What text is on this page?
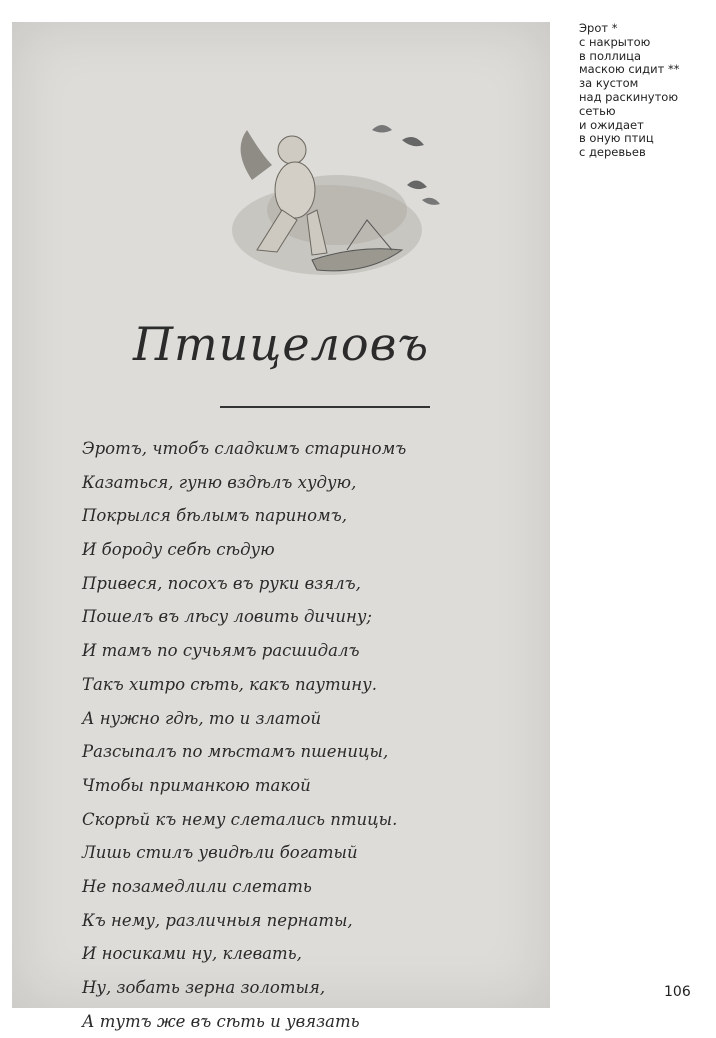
Птицеловъ
Эротъ, чтобъ сладкимъ стариномъ
Казаться, гуню вздѣлъ худую,
Покрылся бѣлымъ париномъ,
И бороду себѣ сѣдую
Привеся, посохъ въ руки взялъ,
Пошелъ въ лѣсу ловить дичину;
И тамъ по сучьямъ расшидалъ
Такъ хитро сѣть, какъ паутину.
А нужно гдѣ, то и златой
Разсыпалъ по мѣстамъ пшеницы,
Чтобы приманкою такой
Скорѣй къ нему слетались птицы.
Лишь стилъ увидѣли богатый
Не позамедлили слетать
Къ нему, различныя пернаты,
И носиками ну, клевать,
Ну, зобать зерна золотыя,
А тутъ же въ сѣть и увязать
Эрот *
с накрытою
в поллица
маскою сидит **
за кустом
над раскинутою
сетью
и ожидает
в оную птиц
с деревьев
106
